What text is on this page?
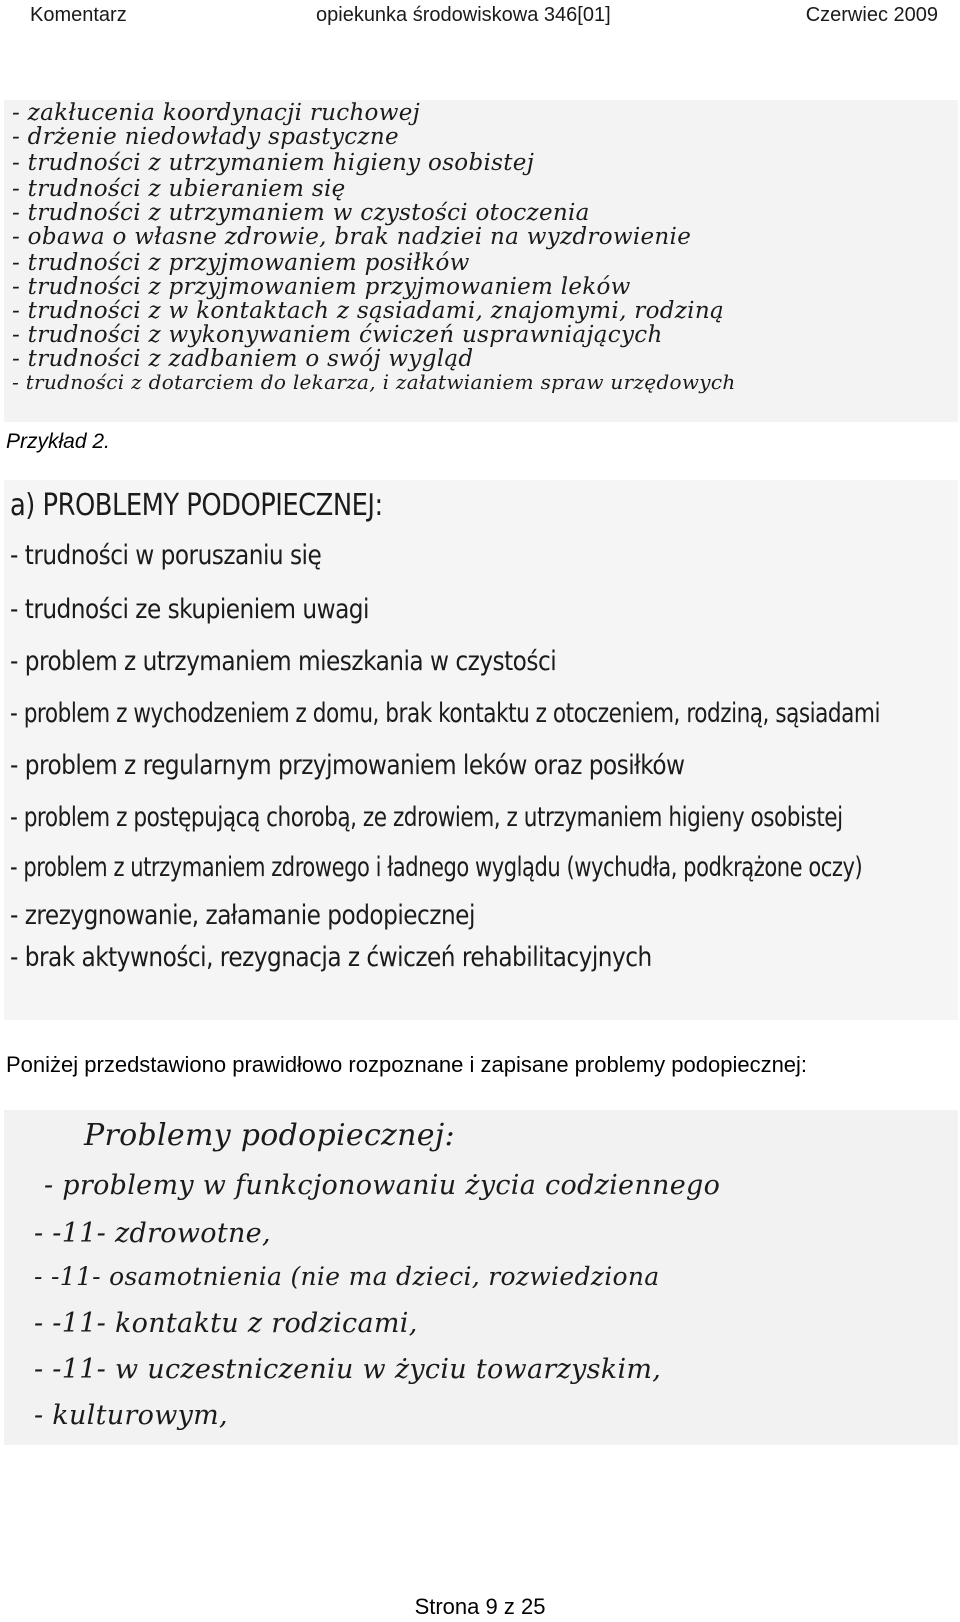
Komentarz	opiekunka środowiskowa 346[01]	Czerwiec 2009
- zakłucenia koordynacji ruchowej
- drżenie niedowłady spastyczne
- trudności z utrzymaniem higieny osobistej
- trudności z ubieraniem się
- trudności z utrzymaniem w czystości otoczenia
- obawa o własne zdrowie, brak nadziei na wyzdrowienie
- trudności z przyjmowaniem posiłków
- trudności z przyjmowaniem przyjmowaniem leków
- trudności z w kontaktach z sąsiadami, znajomymi, rodziną
- trudności z wykonywaniem ćwiczeń usprawniających
- trudności z zadbaniem o swój wygląd
- trudności z dotarciem do lekarza, i załatwianiem spraw urzędowych
Przykład 2.
a) PROBLEMY PODOPIECZNEJ:
- trudności w poruszaniu się
- trudności ze skupieniem uwagi
- problem z utrzymaniem mieszkania w czystości
- problem z wychodzeniem z domu, brak kontaktu z otoczeniem, rodziną, sąsiadami
- problem z regularnym przyjmowaniem leków oraz posiłków
- problem z postępującą chorobą, ze zdrowiem, z utrzymaniem higieny osobistej
- problem z utrzymaniem zdrowego i ładnego wyglądu (wychudła, podkrążone oczy)
- zrezygnowanie, załamanie podopiecznej
- brak aktywności, rezygnacja z ćwiczeń rehabilitacyjnych
Poniżej przedstawiono prawidłowo rozpoznane i zapisane problemy podopiecznej:
Problemy podopiecznej:
- problemy w funkcjonowaniu życia codziennego
- -11- zdrowotne,
- -11- osamotnienia (nie ma dzieci, rozwiedziona
- -11- kontaktu z rodzicami,
- -11- w uczestniczeniu w życiu towarzyskim,
- kulturowym,
Strona 9 z 25
